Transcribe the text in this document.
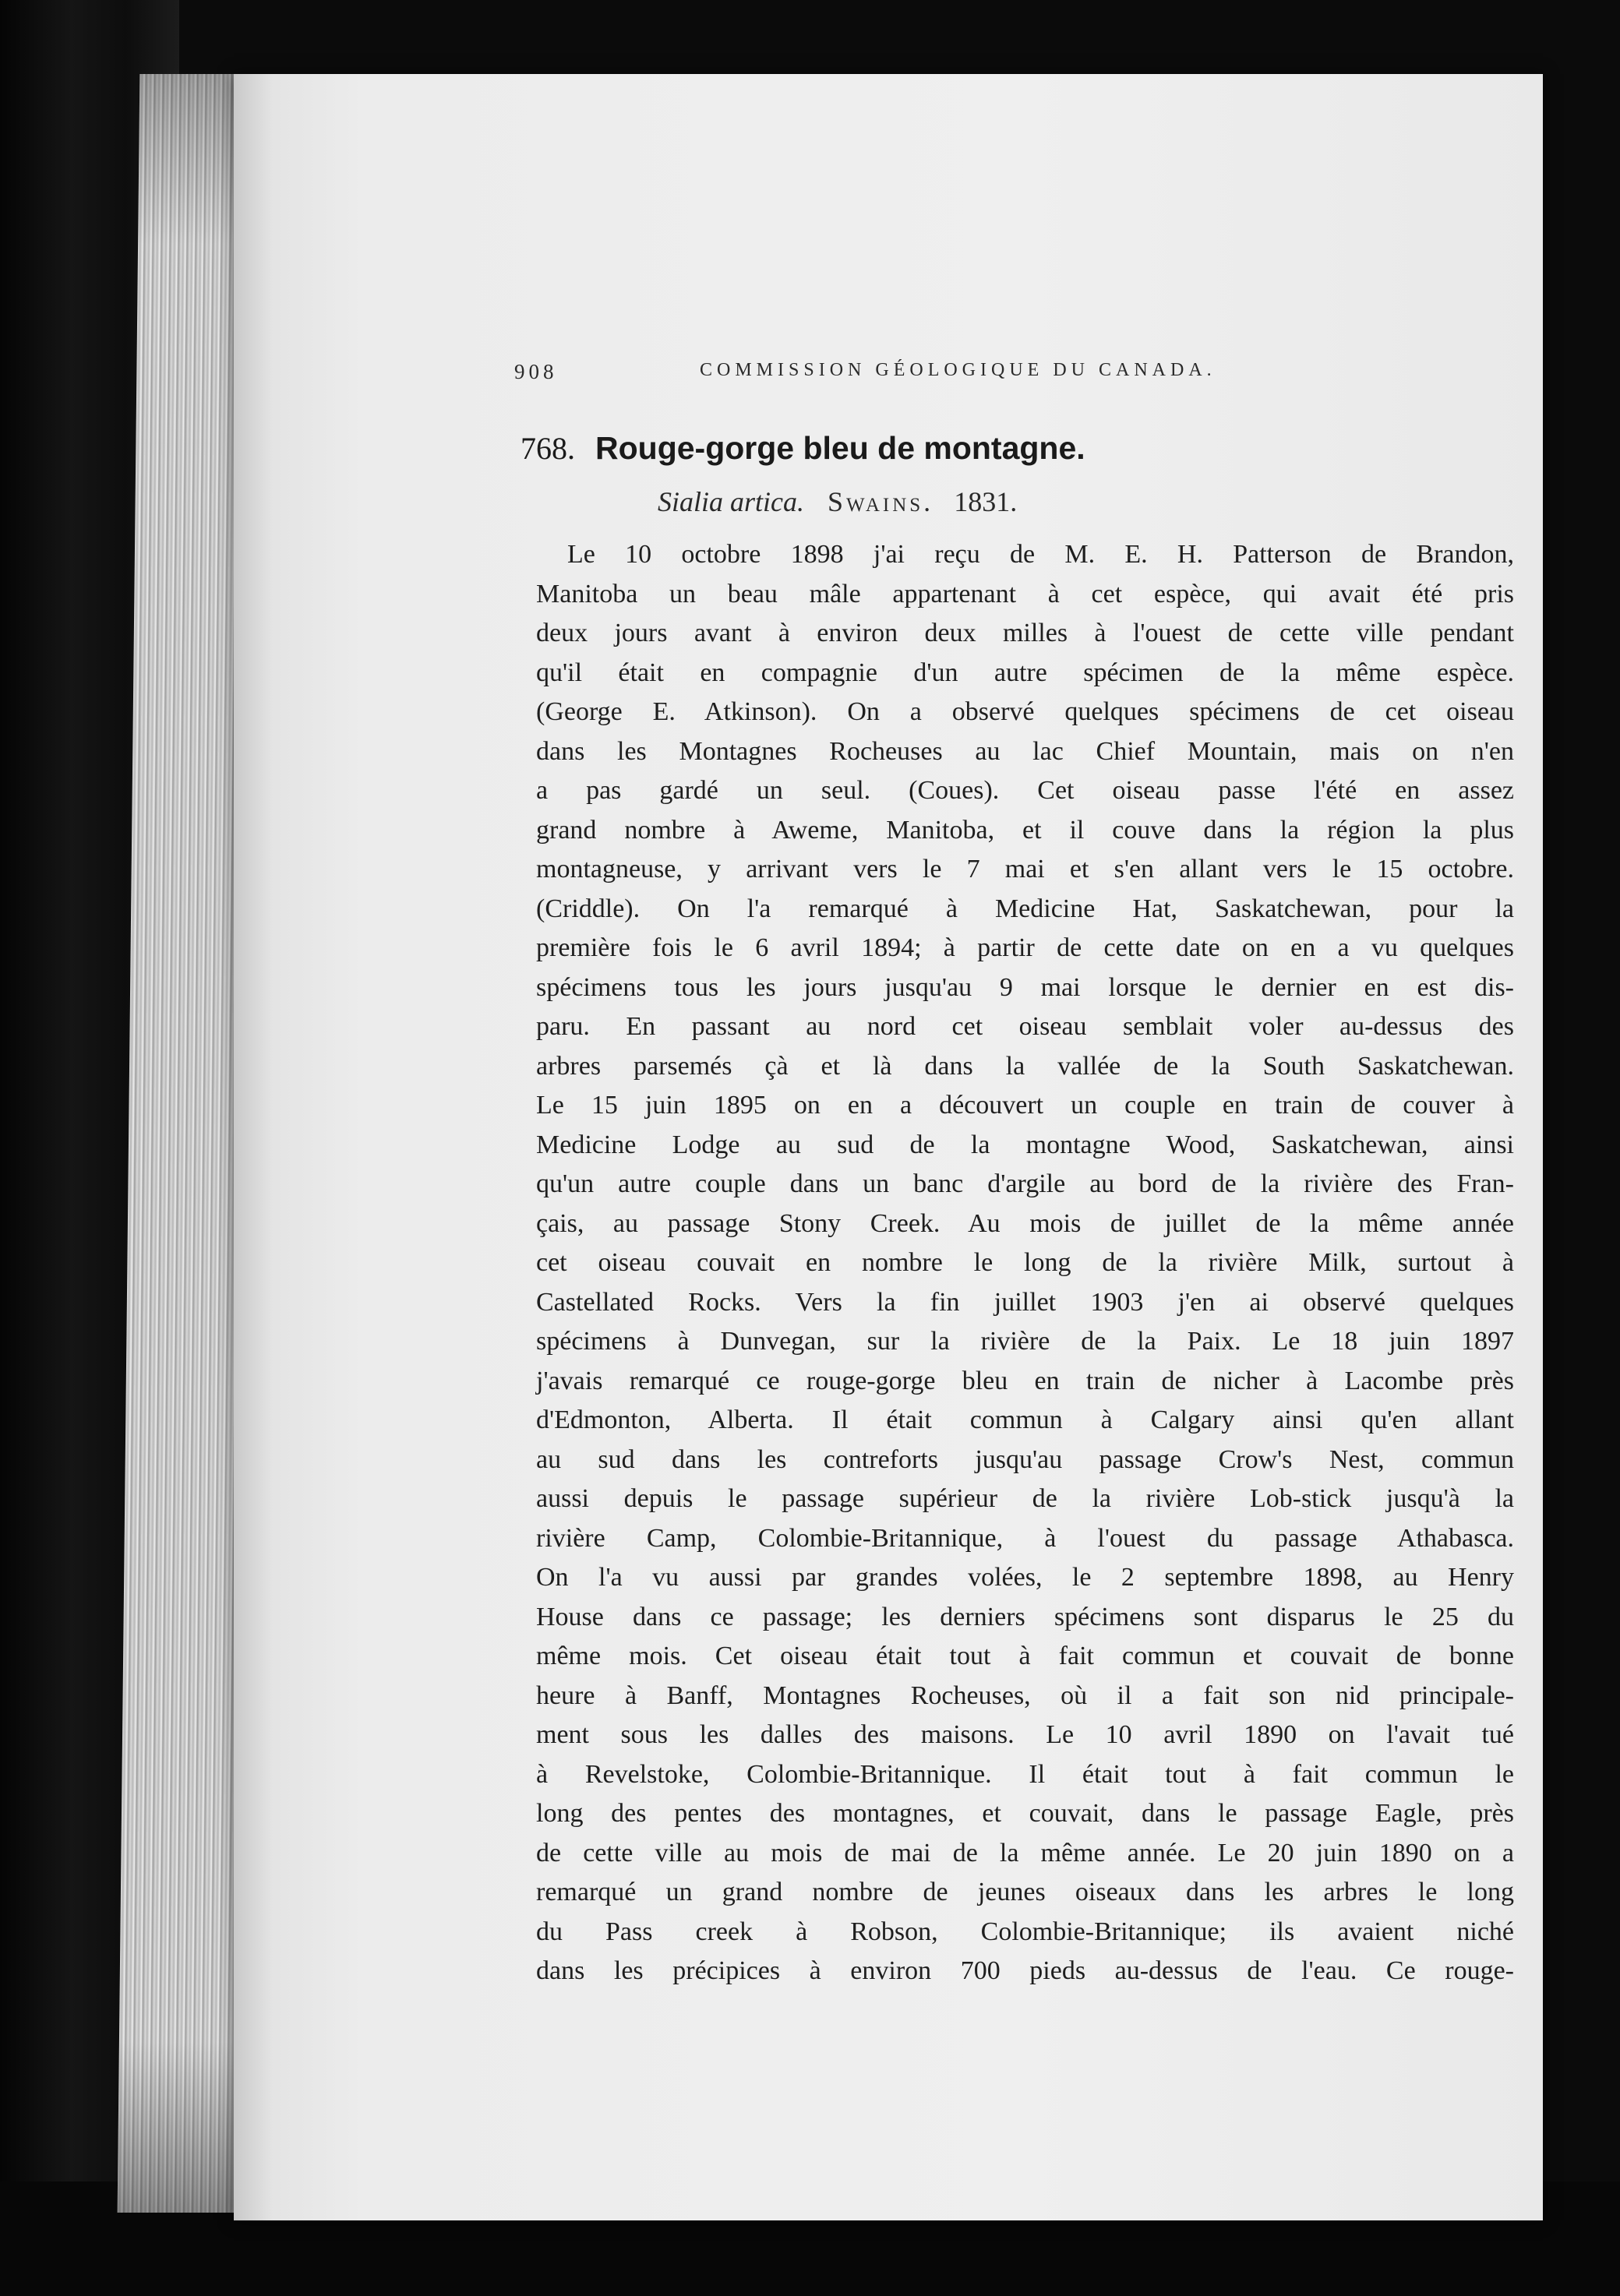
908	COMMISSION GÉOLOGIQUE DU CANADA.
768. Rouge-gorge bleu de montagne.
Sialia artica. Swains. 1831.
Le 10 octobre 1898 j'ai reçu de M. E. H. Patterson de Brandon,
Manitoba un beau mâle appartenant à cet espèce, qui avait été pris
deux jours avant à environ deux milles à l'ouest de cette ville pendant
qu'il était en compagnie d'un autre spécimen de la même espèce.
(George E. Atkinson). On a observé quelques spécimens de cet oiseau
dans les Montagnes Rocheuses au lac Chief Mountain, mais on n'en
a pas gardé un seul. (Coues). Cet oiseau passe l'été en assez
grand nombre à Aweme, Manitoba, et il couve dans la région la plus
montagneuse, y arrivant vers le 7 mai et s'en allant vers le 15 octobre.
(Criddle). On l'a remarqué à Medicine Hat, Saskatchewan, pour la
première fois le 6 avril 1894; à partir de cette date on en a vu quelques
spécimens tous les jours jusqu'au 9 mai lorsque le dernier en est dis-
paru. En passant au nord cet oiseau semblait voler au-dessus des
arbres parsemés çà et là dans la vallée de la South Saskatchewan.
Le 15 juin 1895 on en a découvert un couple en train de couver à
Medicine Lodge au sud de la montagne Wood, Saskatchewan, ainsi
qu'un autre couple dans un banc d'argile au bord de la rivière des Fran-
çais, au passage Stony Creek. Au mois de juillet de la même année
cet oiseau couvait en nombre le long de la rivière Milk, surtout à
Castellated Rocks. Vers la fin juillet 1903 j'en ai observé quelques
spécimens à Dunvegan, sur la rivière de la Paix. Le 18 juin 1897
j'avais remarqué ce rouge-gorge bleu en train de nicher à Lacombe près
d'Edmonton, Alberta. Il était commun à Calgary ainsi qu'en allant
au sud dans les contreforts jusqu'au passage Crow's Nest, commun
aussi depuis le passage supérieur de la rivière Lob-stick jusqu'à la
rivière Camp, Colombie-Britannique, à l'ouest du passage Athabasca.
On l'a vu aussi par grandes volées, le 2 septembre 1898, au Henry
House dans ce passage; les derniers spécimens sont disparus le 25 du
même mois. Cet oiseau était tout à fait commun et couvait de bonne
heure à Banff, Montagnes Rocheuses, où il a fait son nid principale-
ment sous les dalles des maisons. Le 10 avril 1890 on l'avait tué
à Revelstoke, Colombie-Britannique. Il était tout à fait commun le
long des pentes des montagnes, et couvait, dans le passage Eagle, près
de cette ville au mois de mai de la même année. Le 20 juin 1890 on a
remarqué un grand nombre de jeunes oiseaux dans les arbres le long
du Pass creek à Robson, Colombie-Britannique; ils avaient niché
dans les précipices à environ 700 pieds au-dessus de l'eau. Ce rouge-
